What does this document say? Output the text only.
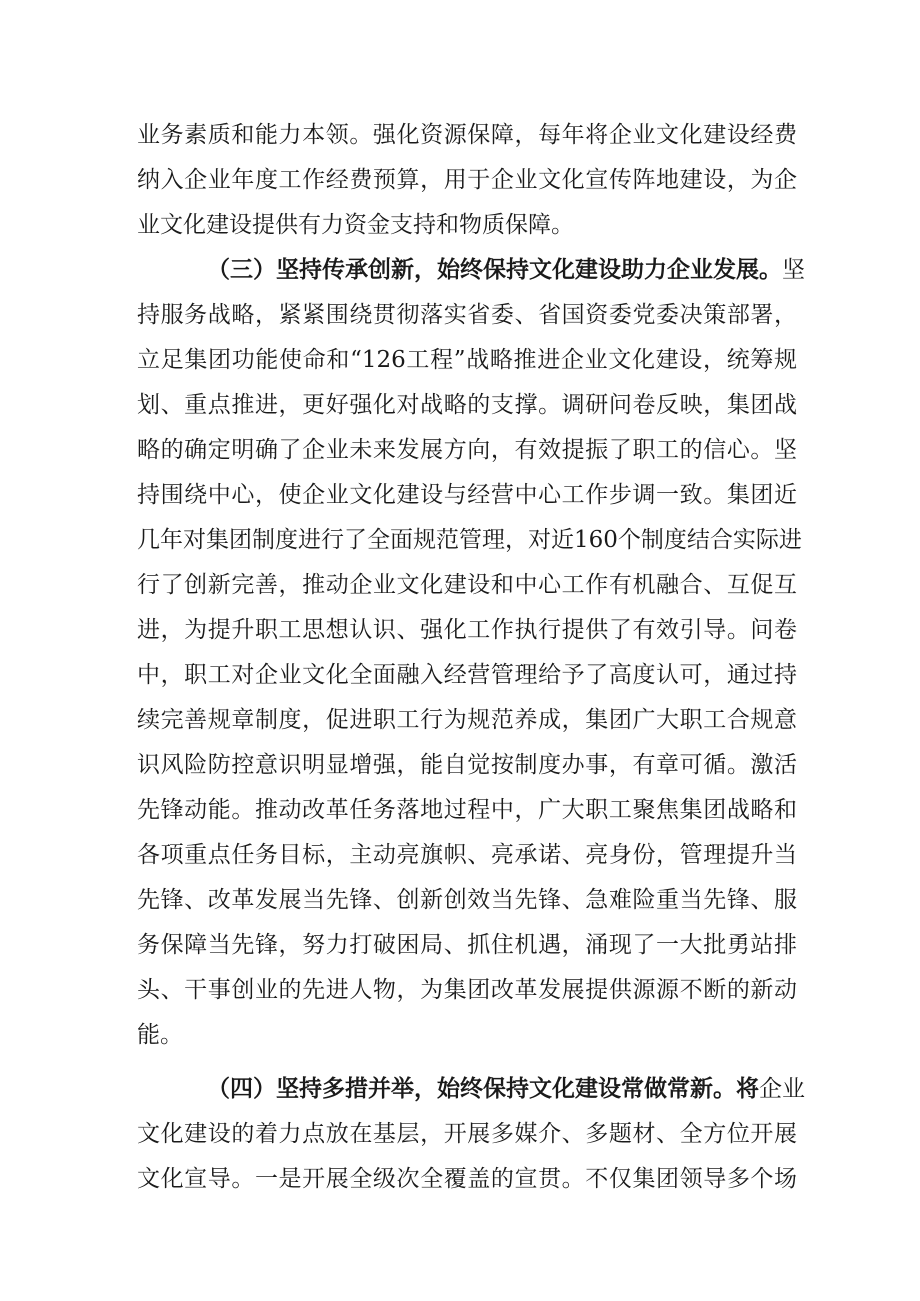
业务素质和能力本领。强化资源保障，每年将企业文化建设经费

纳入企业年度工作经费预算，用于企业文化宣传阵地建设，为企

业文化建设提供有力资金支持和物质保障。

（三）坚持传承创新，始终保持文化建设助力企业发展。坚

持服务战略，紧紧围绕贯彻落实省委、省国资委党委决策部署，

立足集团功能使命和“126工程”战略推进企业文化建设，统筹规

划、重点推进，更好强化对战略的支撑。调研问卷反映，集团战

略的确定明确了企业未来发展方向，有效提振了职工的信心。坚

持围绕中心，使企业文化建设与经营中心工作步调一致。集团近

几年对集团制度进行了全面规范管理，对近160个制度结合实际进

行了创新完善，推动企业文化建设和中心工作有机融合、互促互

进，为提升职工思想认识、强化工作执行提供了有效引导。问卷

中，职工对企业文化全面融入经营管理给予了高度认可，通过持

续完善规章制度，促进职工行为规范养成，集团广大职工合规意

识风险防控意识明显增强，能自觉按制度办事，有章可循。激活

先锋动能。推动改革任务落地过程中，广大职工聚焦集团战略和

各项重点任务目标，主动亮旗帜、亮承诺、亮身份，管理提升当

先锋、改革发展当先锋、创新创效当先锋、急难险重当先锋、服

务保障当先锋，努力打破困局、抓住机遇，涌现了一大批勇站排

头、干事创业的先进人物，为集团改革发展提供源源不断的新动

能。

（四）坚持多措并举，始终保持文化建设常做常新。将企业

文化建设的着力点放在基层，开展多媒介、多题材、全方位开展

文化宣导。一是开展全级次全覆盖的宣贯。不仅集团领导多个场
